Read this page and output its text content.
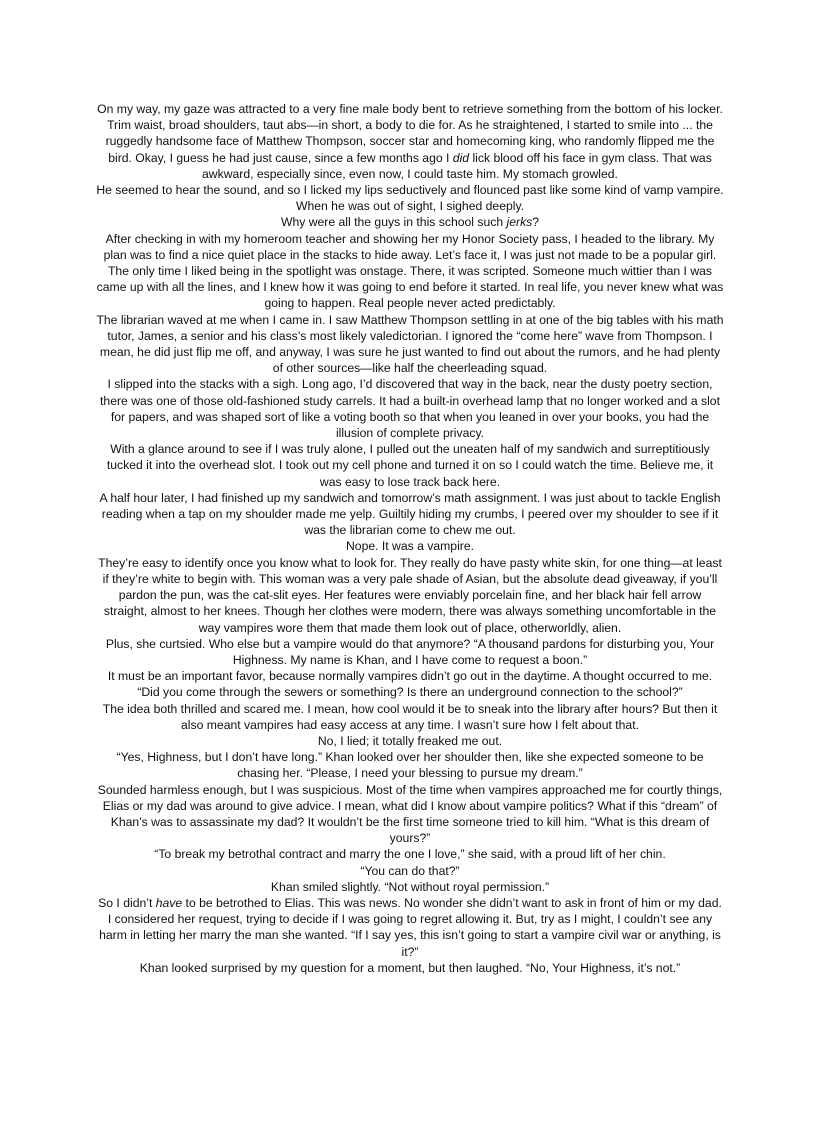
On my way, my gaze was attracted to a very fine male body bent to retrieve something from the bottom of his locker. Trim waist, broad shoulders, taut abs—in short, a body to die for. As he straightened, I started to smile into ... the ruggedly handsome face of Matthew Thompson, soccer star and homecoming king, who randomly flipped me the bird. Okay, I guess he had just cause, since a few months ago I did lick blood off his face in gym class. That was awkward, especially since, even now, I could taste him. My stomach growled.

He seemed to hear the sound, and so I licked my lips seductively and flounced past like some kind of vamp vampire.

When he was out of sight, I sighed deeply.

Why were all the guys in this school such jerks?

After checking in with my homeroom teacher and showing her my Honor Society pass, I headed to the library. My plan was to find a nice quiet place in the stacks to hide away. Let’s face it, I was just not made to be a popular girl. The only time I liked being in the spotlight was onstage. There, it was scripted. Someone much wittier than I was came up with all the lines, and I knew how it was going to end before it started. In real life, you never knew what was going to happen. Real people never acted predictably.

The librarian waved at me when I came in. I saw Matthew Thompson settling in at one of the big tables with his math tutor, James, a senior and his class’s most likely valedictorian. I ignored the “come here” wave from Thompson. I mean, he did just flip me off, and anyway, I was sure he just wanted to find out about the rumors, and he had plenty of other sources—like half the cheerleading squad.

I slipped into the stacks with a sigh. Long ago, I’d discovered that way in the back, near the dusty poetry section, there was one of those old-fashioned study carrels. It had a built-in overhead lamp that no longer worked and a slot for papers, and was shaped sort of like a voting booth so that when you leaned in over your books, you had the illusion of complete privacy.

With a glance around to see if I was truly alone, I pulled out the uneaten half of my sandwich and surreptitiously tucked it into the overhead slot. I took out my cell phone and turned it on so I could watch the time. Believe me, it was easy to lose track back here.

A half hour later, I had finished up my sandwich and tomorrow’s math assignment. I was just about to tackle English reading when a tap on my shoulder made me yelp. Guiltily hiding my crumbs, I peered over my shoulder to see if it was the librarian come to chew me out.

Nope. It was a vampire.

They’re easy to identify once you know what to look for. They really do have pasty white skin, for one thing—at least if they’re white to begin with. This woman was a very pale shade of Asian, but the absolute dead giveaway, if you’ll pardon the pun, was the cat-slit eyes. Her features were enviably porcelain fine, and her black hair fell arrow straight, almost to her knees. Though her clothes were modern, there was always something uncomfortable in the way vampires wore them that made them look out of place, otherworldly, alien.

Plus, she curtsied. Who else but a vampire would do that anymore? “A thousand pardons for disturbing you, Your Highness. My name is Khan, and I have come to request a boon.”

It must be an important favor, because normally vampires didn’t go out in the daytime. A thought occurred to me. “Did you come through the sewers or something? Is there an underground connection to the school?”

The idea both thrilled and scared me. I mean, how cool would it be to sneak into the library after hours? But then it also meant vampires had easy access at any time. I wasn’t sure how I felt about that.

No, I lied; it totally freaked me out.

“Yes, Highness, but I don’t have long.” Khan looked over her shoulder then, like she expected someone to be chasing her. “Please, I need your blessing to pursue my dream.”

Sounded harmless enough, but I was suspicious. Most of the time when vampires approached me for courtly things, Elias or my dad was around to give advice. I mean, what did I know about vampire politics? What if this “dream” of Khan’s was to assassinate my dad? It wouldn’t be the first time someone tried to kill him. “What is this dream of yours?”

“To break my betrothal contract and marry the one I love,” she said, with a proud lift of her chin.

“You can do that?”

Khan smiled slightly. “Not without royal permission.”

So I didn’t have to be betrothed to Elias. This was news. No wonder she didn’t want to ask in front of him or my dad.

I considered her request, trying to decide if I was going to regret allowing it. But, try as I might, I couldn’t see any harm in letting her marry the man she wanted. “If I say yes, this isn’t going to start a vampire civil war or anything, is it?”

Khan looked surprised by my question for a moment, but then laughed. “No, Your Highness, it’s not.”
